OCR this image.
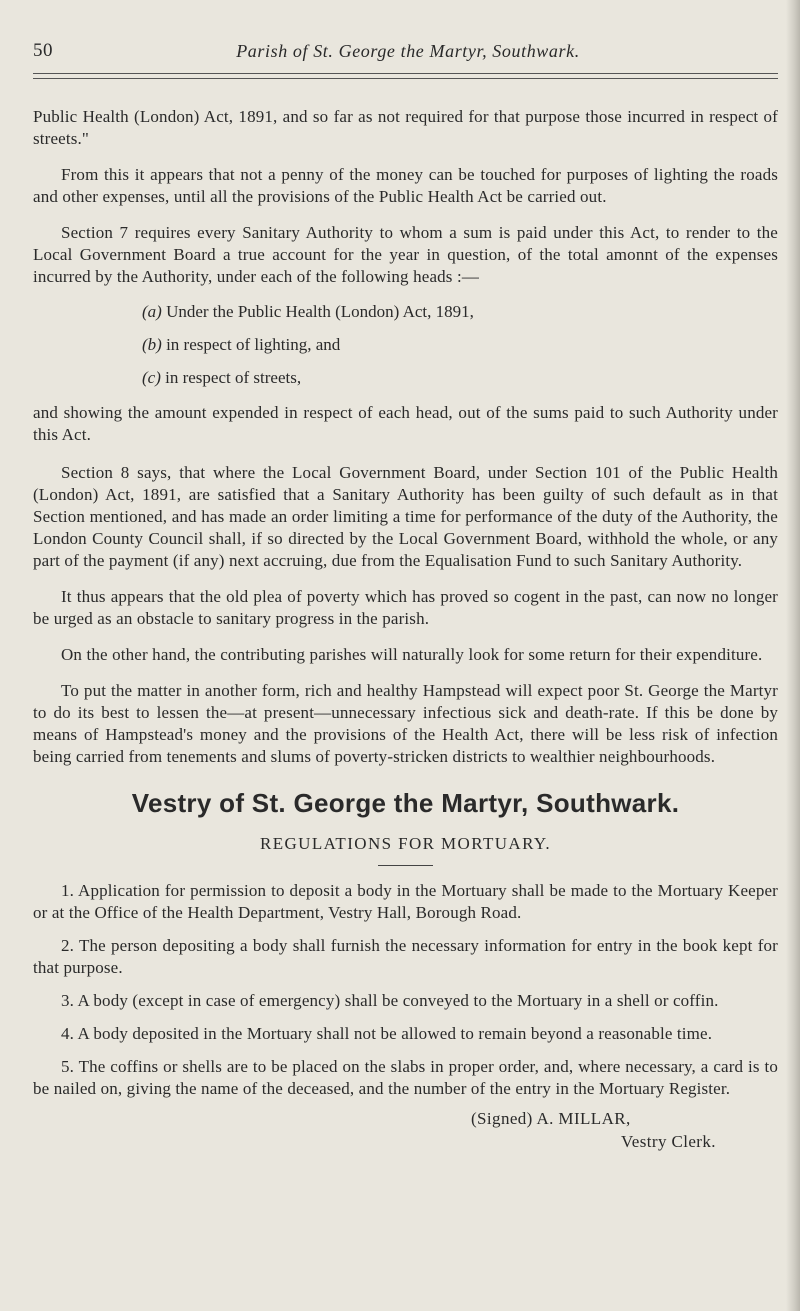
50	Parish of St. George the Martyr, Southwark.

Public Health (London) Act, 1891, and so far as not required for that purpose those incurred in respect of streets."

From this it appears that not a penny of the money can be touched for purposes of lighting the roads and other expenses, until all the provisions of the Public Health Act be carried out.

Section 7 requires every Sanitary Authority to whom a sum is paid under this Act, to render to the Local Government Board a true account for the year in question, of the total amonnt of the expenses incurred by the Authority, under each of the following heads :—

(a) Under the Public Health (London) Act, 1891,
(b) in respect of lighting, and
(c) in respect of streets,

and showing the amount expended in respect of each head, out of the sums paid to such Authority under this Act.

Section 8 says, that where the Local Government Board, under Section 101 of the Public Health (London) Act, 1891, are satisfied that a Sanitary Authority has been guilty of such default as in that Section mentioned, and has made an order limiting a time for performance of the duty of the Authority, the London County Council shall, if so directed by the Local Government Board, withhold the whole, or any part of the payment (if any) next accruing, due from the Equalisation Fund to such Sanitary Authority.

It thus appears that the old plea of poverty which has proved so cogent in the past, can now no longer be urged as an obstacle to sanitary progress in the parish.

On the other hand, the contributing parishes will naturally look for some return for their expenditure.

To put the matter in another form, rich and healthy Hampstead will expect poor St. George the Martyr to do its best to lessen the—at present—unnecessary infectious sick and death-rate. If this be done by means of Hampstead's money and the provisions of the Health Act, there will be less risk of infection being carried from tenements and slums of poverty-stricken districts to wealthier neighbourhoods.

Vestry of St. George the Martyr, Southwark.
REGULATIONS FOR MORTUARY.

1. Application for permission to deposit a body in the Mortuary shall be made to the Mortuary Keeper or at the Office of the Health Department, Vestry Hall, Borough Road.

2. The person depositing a body shall furnish the necessary information for entry in the book kept for that purpose.

3. A body (except in case of emergency) shall be conveyed to the Mortuary in a shell or coffin.

4. A body deposited in the Mortuary shall not be allowed to remain beyond a reasonable time.

5. The coffins or shells are to be placed on the slabs in proper order, and, where necessary, a card is to be nailed on, giving the name of the deceased, and the number of the entry in the Mortuary Register.

(Signed) A. MILLAR,
Vestry Clerk.
